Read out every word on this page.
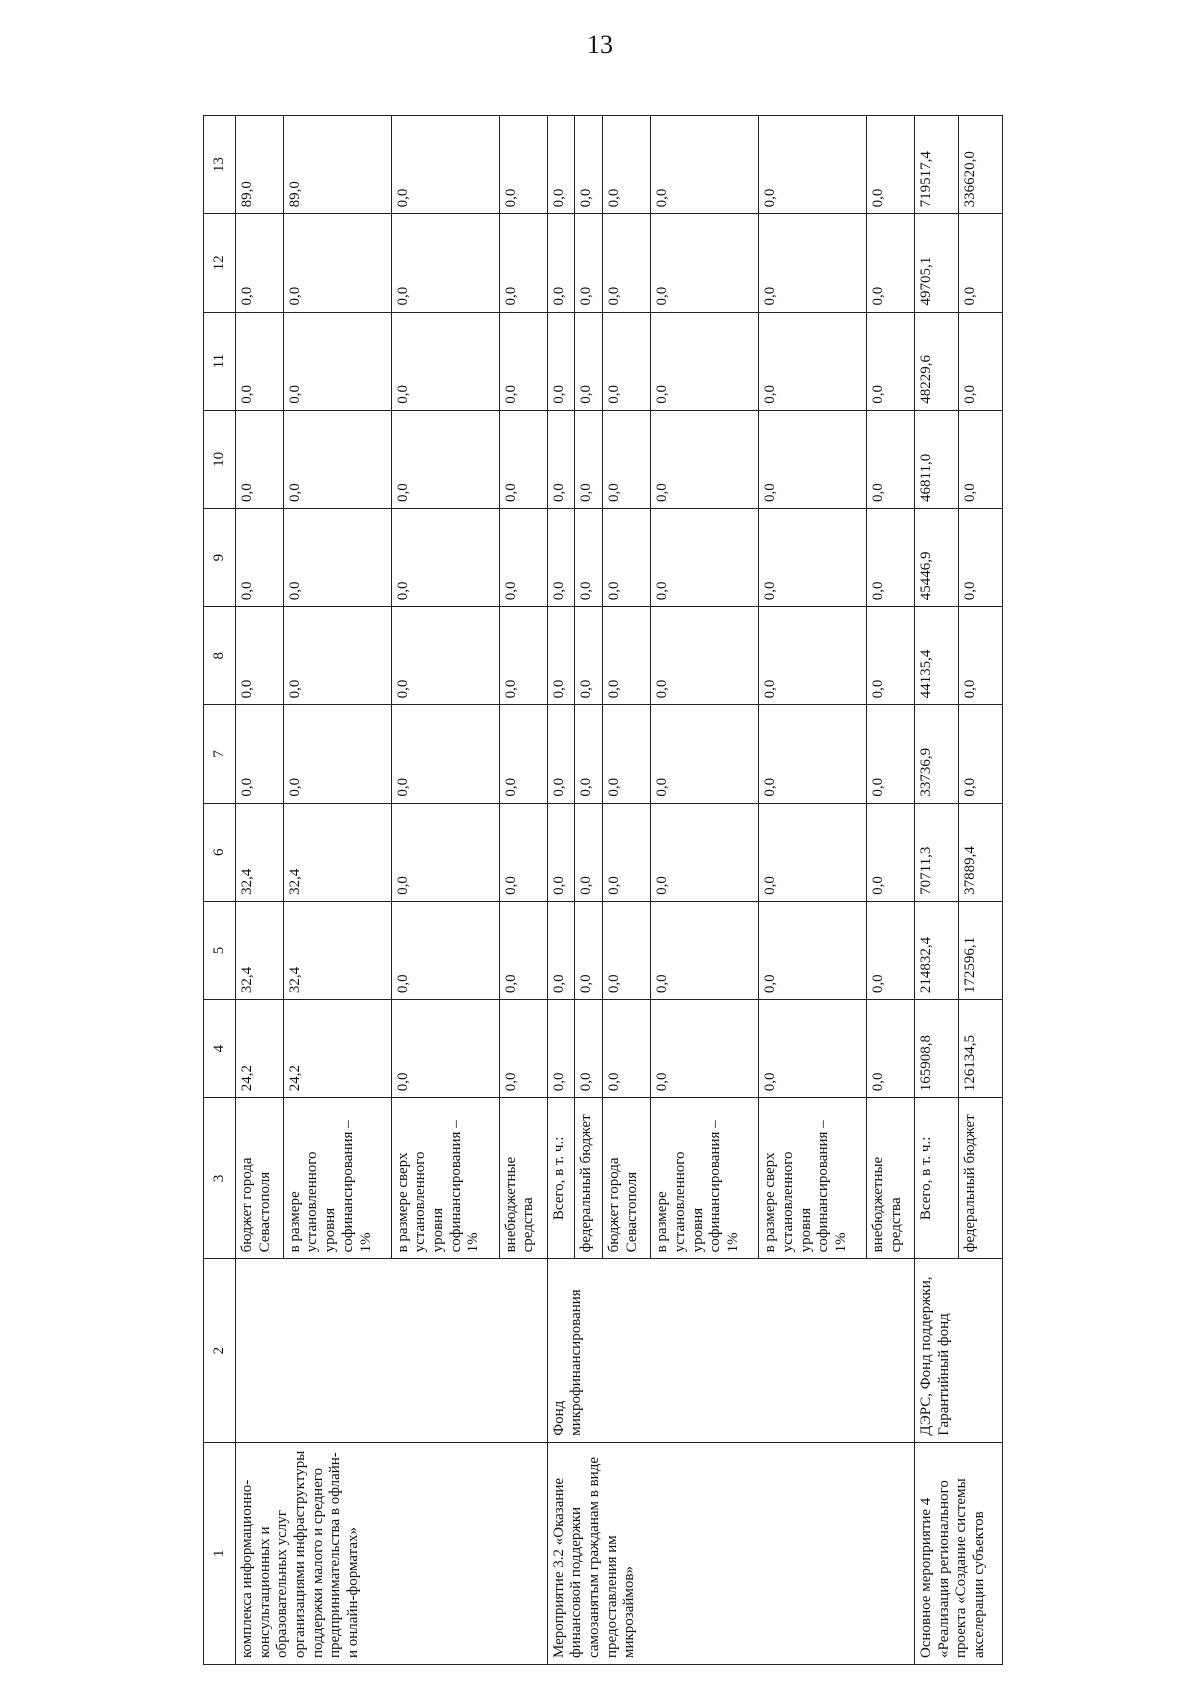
13
1	2	3	4	5	6	7	8	9	10	11	12	13
комплекса информационно-консультационных и образовательных услуг организациями инфраструктуры поддержки малого и среднего предпринимательства в офлайн- и онлайн-форматах»		бюджет города Севастополя	24,2	32,4	32,4	0,0	0,0	0,0	0,0	0,0	0,0	89,0
		в размере установленного уровня софинансирования – 1%	24,2	32,4	32,4	0,0	0,0	0,0	0,0	0,0	0,0	89,0
		в размере сверх установленного уровня софинансирования – 1%	0,0	0,0	0,0	0,0	0,0	0,0	0,0	0,0	0,0	0,0
		внебюджетные средства	0,0	0,0	0,0	0,0	0,0	0,0	0,0	0,0	0,0	0,0
Мероприятие 3.2 «Оказание финансовой поддержки самозанятым гражданам в виде предоставления им микрозаймов»	Фонд микрофинансирования	Всего, в т. ч.:	0,0	0,0	0,0	0,0	0,0	0,0	0,0	0,0	0,0	0,0
		федеральный бюджет	0,0	0,0	0,0	0,0	0,0	0,0	0,0	0,0	0,0	0,0
		бюджет города Севастополя	0,0	0,0	0,0	0,0	0,0	0,0	0,0	0,0	0,0	0,0
		в размере установленного уровня софинансирования – 1%	0,0	0,0	0,0	0,0	0,0	0,0	0,0	0,0	0,0	0,0
		в размере сверх установленного уровня софинансирования – 1%	0,0	0,0	0,0	0,0	0,0	0,0	0,0	0,0	0,0	0,0
		внебюджетные средства	0,0	0,0	0,0	0,0	0,0	0,0	0,0	0,0	0,0	0,0
Основное мероприятие 4 «Реализация регионального проекта «Создание системы акселерации субъектов	ДЭРС, Фонд поддержки, Гарантийный фонд	Всего, в т. ч.:	165908,8	214832,4	70711,3	33736,9	44135,4	45446,9	46811,0	48229,6	49705,1	719517,4
		федеральный бюджет	126134,5	172596,1	37889,4	0,0	0,0	0,0	0,0	0,0	0,0	336620,0
